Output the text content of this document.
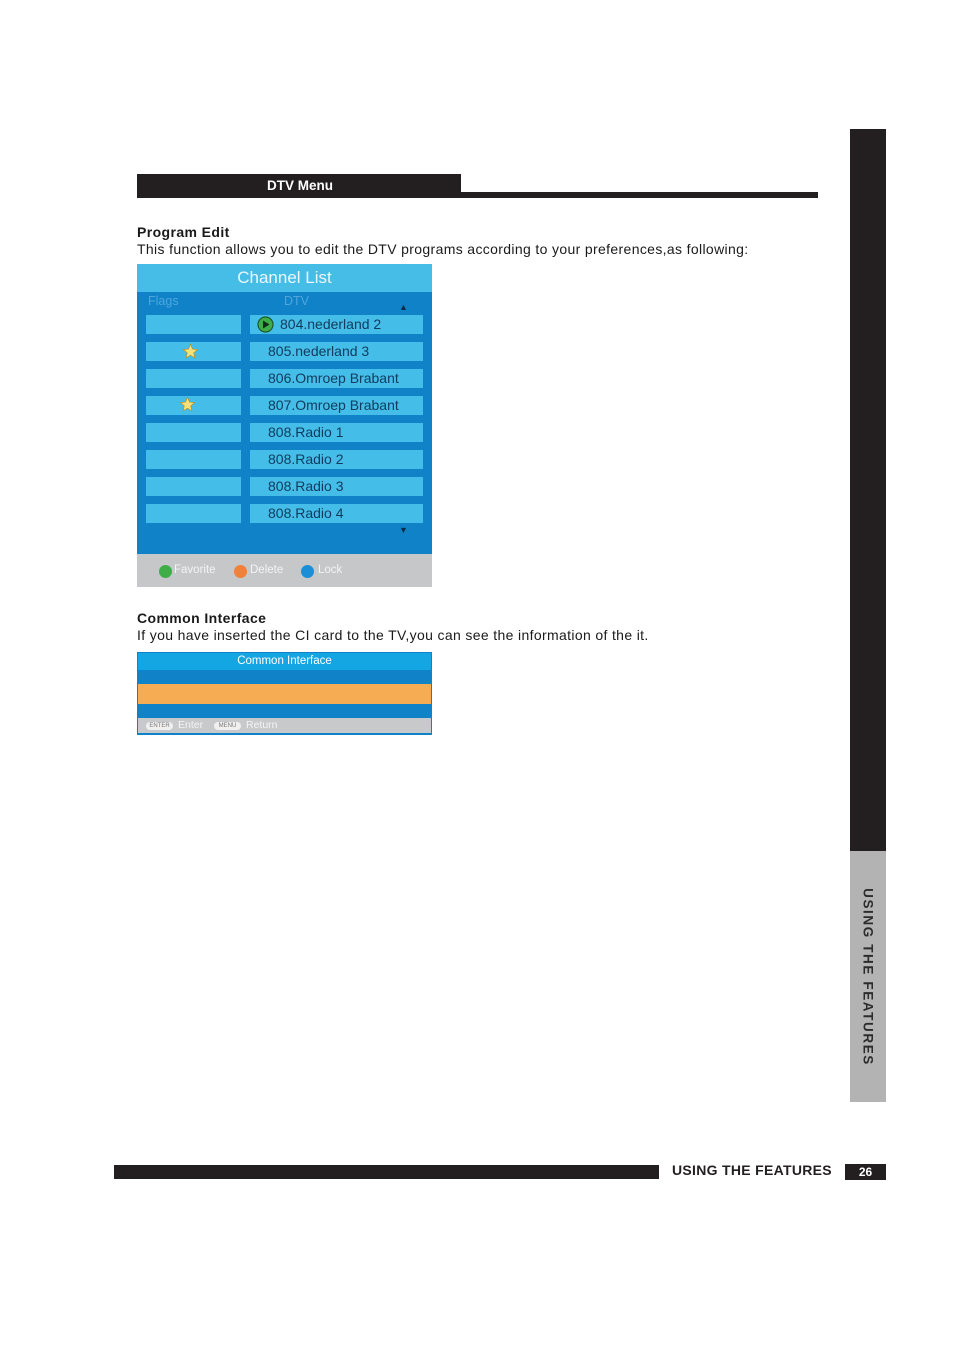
USING THE FEATURES
DTV Menu
Program Edit
This function allows you to edit the DTV programs according to your preferences,as following:
Channel List
Flags	DTV	▲
804.nederland 2
805.nederland 3
806.Omroep Brabant
807.Omroep Brabant
808.Radio 1
808.Radio 2
808.Radio 3
808.Radio 4
▼
Favorite	Delete	Lock
Common Interface
If you have inserted the CI card to the TV,you can see the information of the it.
Common Interface
ENTER Enter	MENU Return
USING THE FEATURES	26
